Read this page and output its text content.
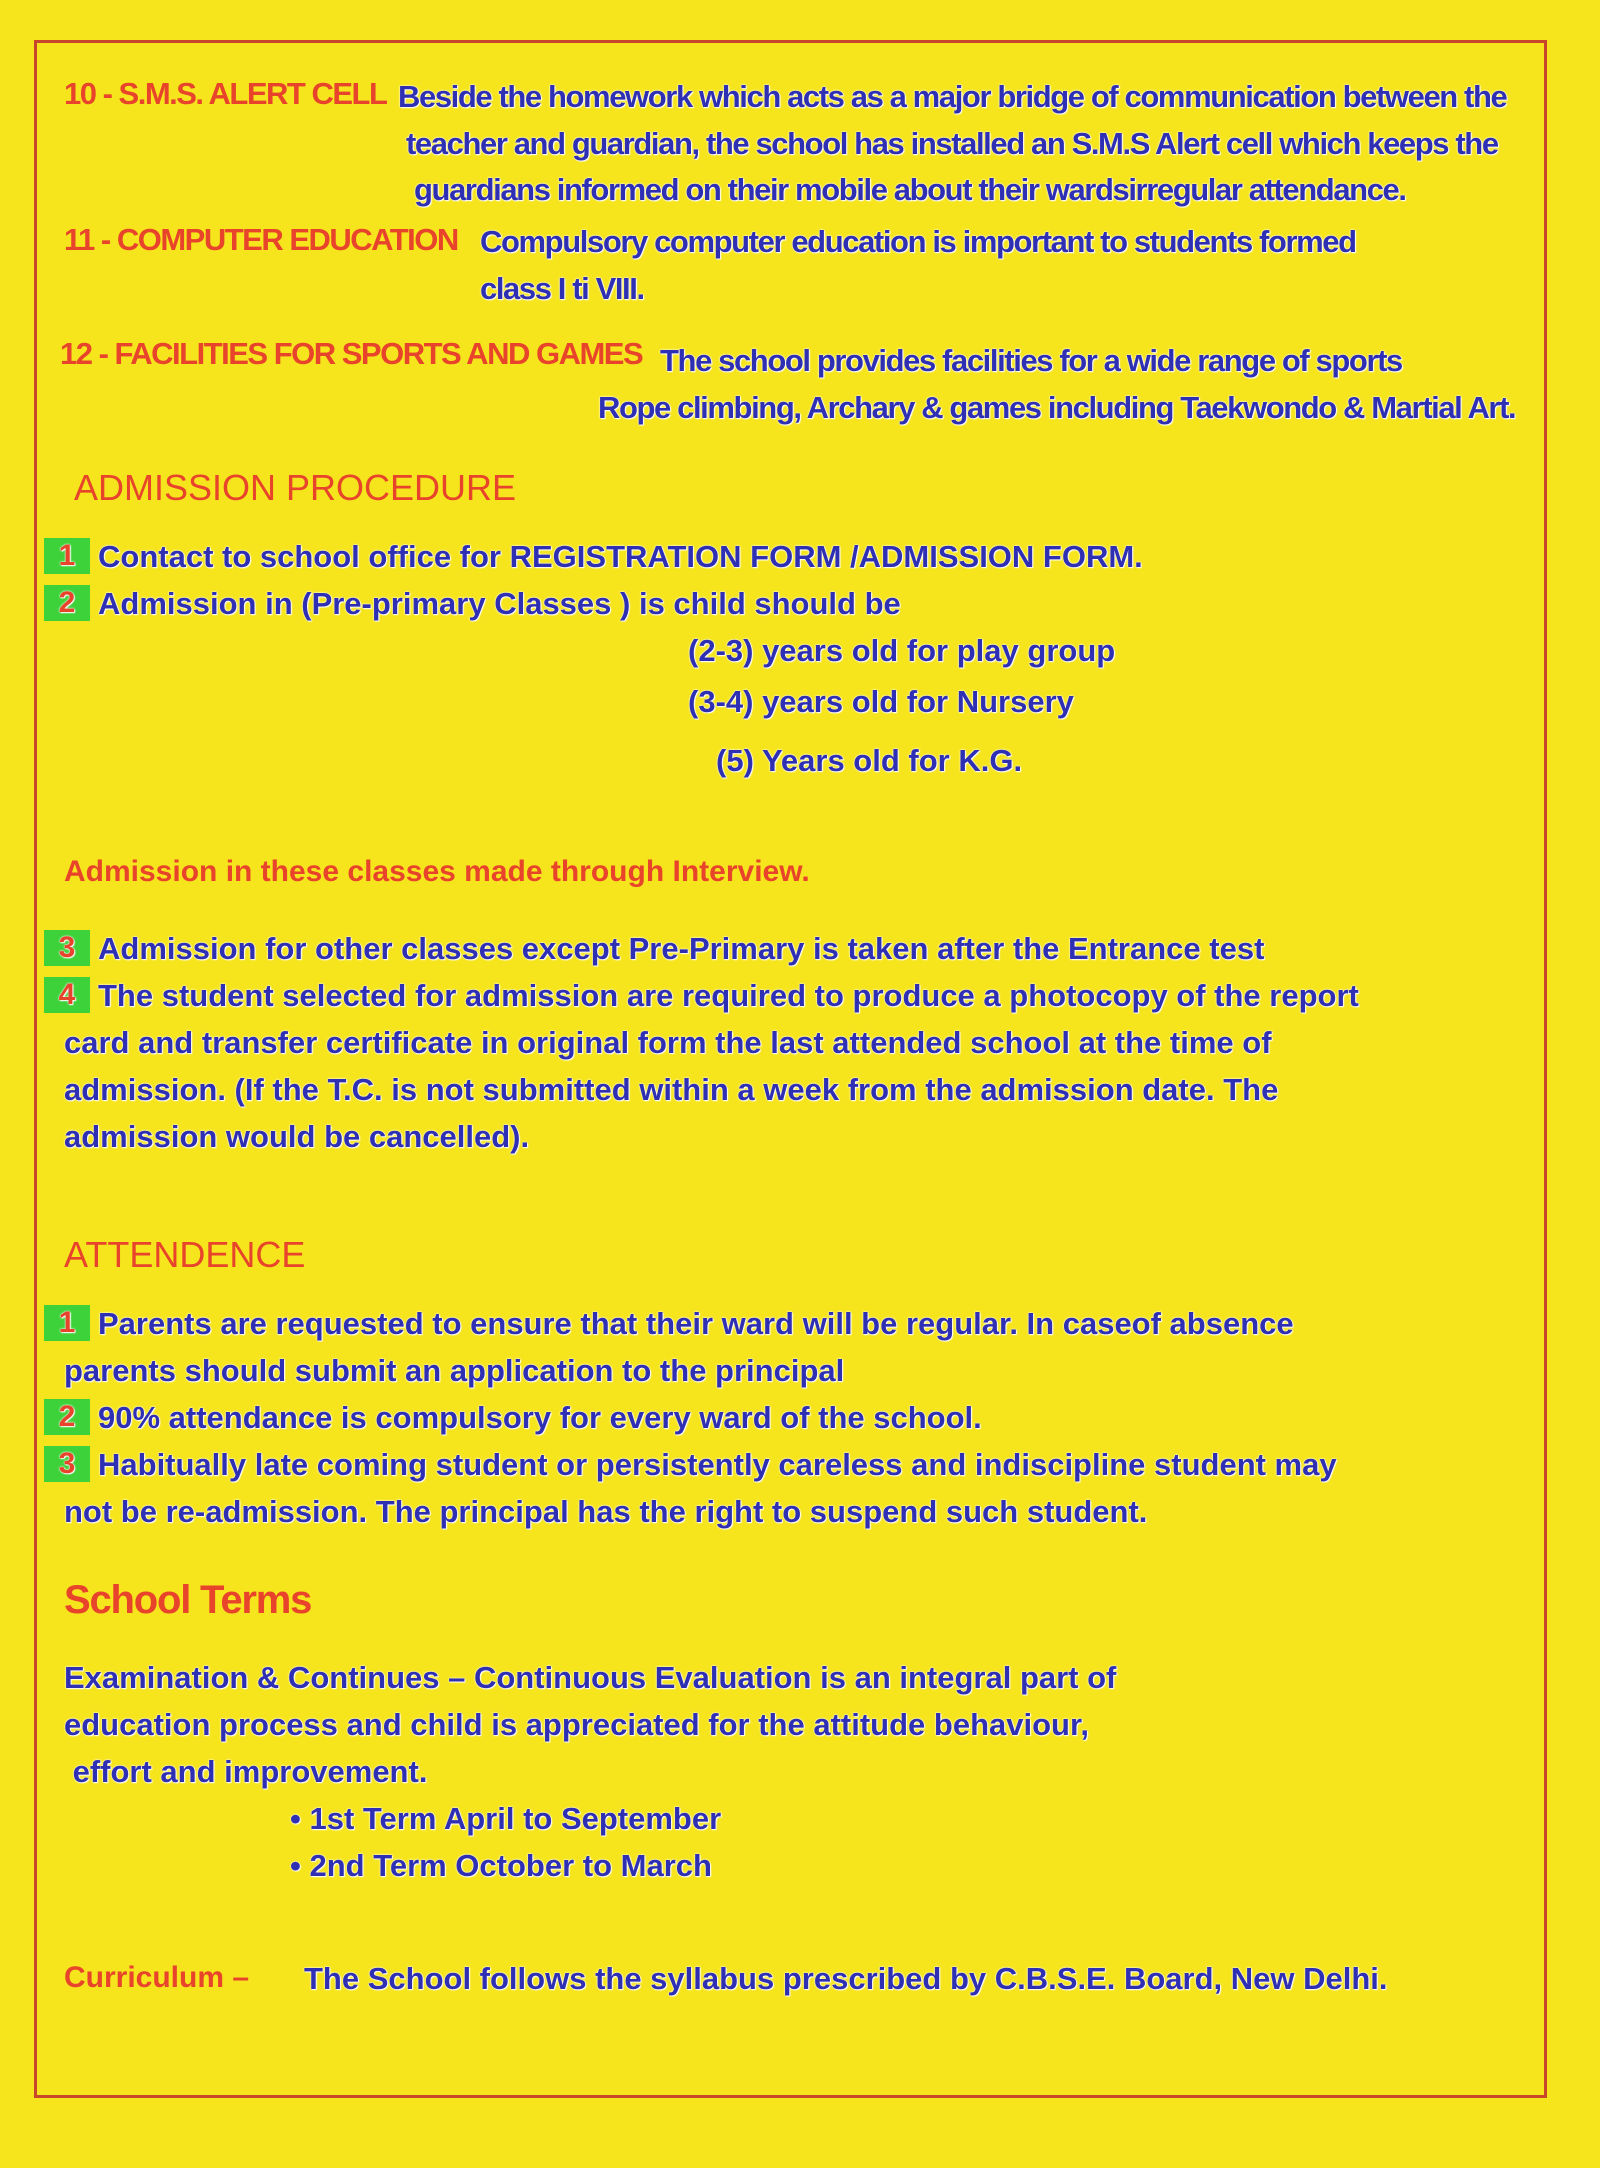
10 - S.M.S. ALERT CELL Beside the homework which acts as a major bridge of communication between the
teacher and guardian, the school has installed an S.M.S Alert cell which keeps the
guardians informed on their mobile about their wardsirregular attendance.
11 - COMPUTER EDUCATION Compulsory computer education is important to students formed
class I ti VIII.
12 - FACILITIES FOR SPORTS AND GAMES The school provides facilities for a wide range of sports
Rope climbing, Archary & games including Taekwondo & Martial Art.
ADMISSION PROCEDURE
1 Contact to school office for REGISTRATION FORM /ADMISSION FORM.
2 Admission in (Pre-primary Classes ) is child should be
(2-3) years old for play group
(3-4) years old for Nursery
(5) Years old for K.G.
Admission in these classes made through Interview.
3 Admission for other classes except Pre-Primary is taken after the Entrance test
4 The student selected for admission are required to produce a photocopy of the report
card and transfer certificate in original form the last attended school at the time of
admission. (If the T.C. is not submitted within a week from the admission date. The
admission would be cancelled).
ATTENDENCE
1 Parents are requested to ensure that their ward will be regular. In caseof absence
parents should submit an application to the principal
2 90% attendance is compulsory for every ward of the school.
3 Habitually late coming student or persistently careless and indiscipline student may
not be re-admission. The principal has the right to suspend such student.
School Terms
Examination & Continues – Continuous Evaluation is an integral part of
education process and child is appreciated for the attitude behaviour,
effort and improvement.
• 1st Term April to September
• 2nd Term October to March
Curriculum – The School follows the syllabus prescribed by C.B.S.E. Board, New Delhi.
